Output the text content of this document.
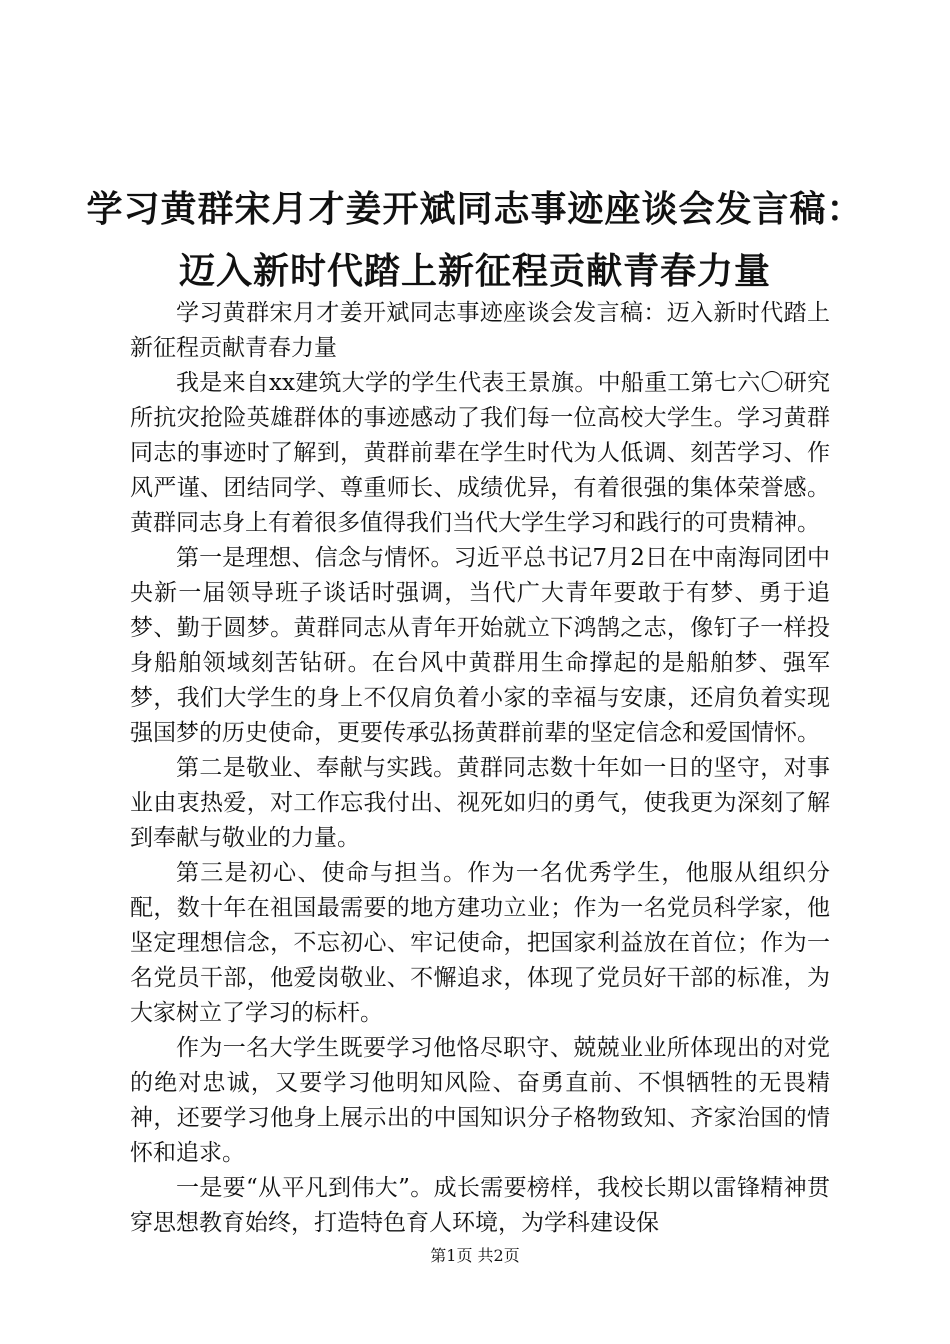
学习黄群宋月才姜开斌同志事迹座谈会发言稿：
迈入新时代踏上新征程贡献青春力量

学习黄群宋月才姜开斌同志事迹座谈会发言稿：迈入新时代踏上新征程贡献青春力量

我是来自xx建筑大学的学生代表王景旗。中船重工第七六〇研究所抗灾抢险英雄群体的事迹感动了我们每一位高校大学生。学习黄群同志的事迹时了解到，黄群前辈在学生时代为人低调、刻苦学习、作风严谨、团结同学、尊重师长、成绩优异，有着很强的集体荣誉感。黄群同志身上有着很多值得我们当代大学生学习和践行的可贵精神。

第一是理想、信念与情怀。习近平总书记7月2日在中南海同团中央新一届领导班子谈话时强调，当代广大青年要敢于有梦、勇于追梦、勤于圆梦。黄群同志从青年开始就立下鸿鹄之志，像钉子一样投身船舶领域刻苦钻研。在台风中黄群用生命撑起的是船舶梦、强军梦，我们大学生的身上不仅肩负着小家的幸福与安康，还肩负着实现强国梦的历史使命，更要传承弘扬黄群前辈的坚定信念和爱国情怀。

第二是敬业、奉献与实践。黄群同志数十年如一日的坚守，对事业由衷热爱，对工作忘我付出、视死如归的勇气，使我更为深刻了解到奉献与敬业的力量。

第三是初心、使命与担当。作为一名优秀学生，他服从组织分配，数十年在祖国最需要的地方建功立业；作为一名党员科学家，他坚定理想信念，不忘初心、牢记使命，把国家利益放在首位；作为一名党员干部，他爱岗敬业、不懈追求，体现了党员好干部的标准，为大家树立了学习的标杆。

作为一名大学生既要学习他恪尽职守、兢兢业业所体现出的对党的绝对忠诚，又要学习他明知风险、奋勇直前、不惧牺牲的无畏精神，还要学习他身上展示出的中国知识分子格物致知、齐家治国的情怀和追求。

一是要“从平凡到伟大”。成长需要榜样，我校长期以雷锋精神贯穿思想教育始终，打造特色育人环境，为学科建设保

第1页 共2页
